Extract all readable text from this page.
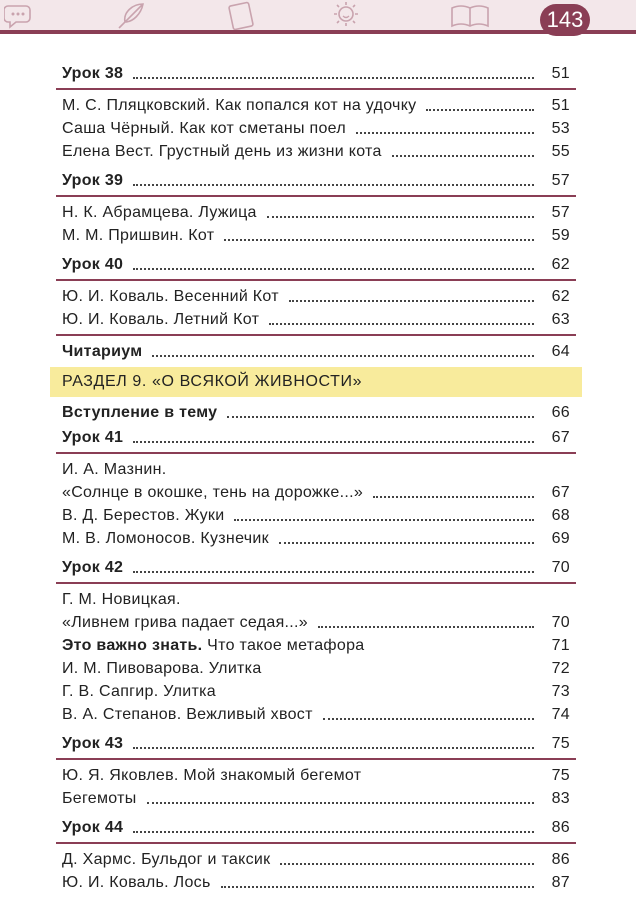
143
Урок 38	51
М. С. Пляцковский. Как попался кот на удочку	51
Саша Чёрный. Как кот сметаны поел	53
Елена Вест. Грустный день из жизни кота	55
Урок 39	57
Н. К. Абрамцева. Лужица	57
М. М. Пришвин. Кот	59
Урок 40	62
Ю. И. Коваль. Весенний Кот	62
Ю. И. Коваль. Летний Кот	63
Читариум	64
РАЗДЕЛ 9. «О ВСЯКОЙ ЖИВНОСТИ»
Вступление в тему	66
Урок 41	67
И. А. Мазнин.
«Солнце в окошке, тень на дорожке...»	67
В. Д. Берестов. Жуки	68
М. В. Ломоносов. Кузнечик	69
Урок 42	70
Г. М. Новицкая.
«Ливнем грива падает седая...»	70
Это важно знать. Что такое метафора	71
И. М. Пивоварова. Улитка	72
Г. В. Сапгир. Улитка	73
В. А. Степанов. Вежливый хвост	74
Урок 43	75
Ю. Я. Яковлев. Мой знакомый бегемот	75
Бегемоты	83
Урок 44	86
Д. Хармс. Бульдог и таксик	86
Ю. И. Коваль. Лось	87
